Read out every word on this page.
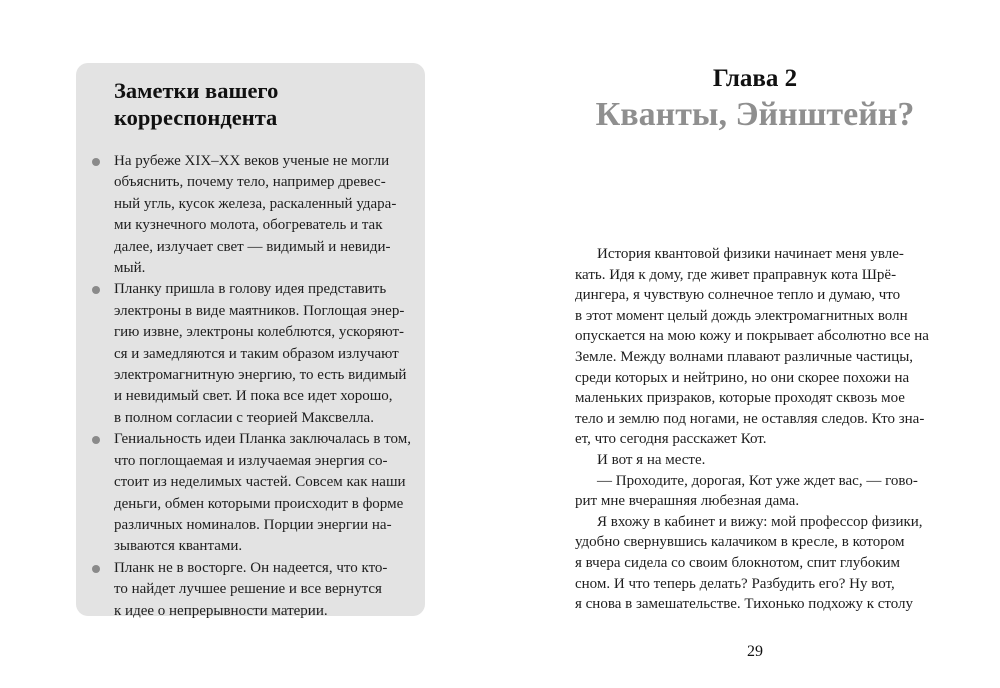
Заметки вашего
корреспондента
На рубеже XIX–XX веков ученые не могли
объяснить, почему тело, например древес-
ный угль, кусок железа, раскаленный удара-
ми кузнечного молота, обогреватель и так
далее, излучает свет — видимый и невиди-
мый.
Планку пришла в голову идея представить
электроны в виде маятников. Поглощая энер-
гию извне, электроны колеблются, ускоряют-
ся и замедляются и таким образом излучают
электромагнитную энергию, то есть видимый
и невидимый свет. И пока все идет хорошо,
в полном согласии с теорией Максвелла.
Гениальность идеи Планка заключалась в том,
что поглощаемая и излучаемая энергия со-
стоит из неделимых частей. Совсем как наши
деньги, обмен которыми происходит в форме
различных номиналов. Порции энергии на-
зываются квантами.
Планк не в восторге. Он надеется, что кто-
то найдет лучшее решение и все вернутся
к идее о непрерывности материи.
Глава 2
Кванты, Эйнштейн?
История квантовой физики начинает меня увле-
кать. Идя к дому, где живет праправнук кота Шрё-
дингера, я чувствую солнечное тепло и думаю, что
в этот момент целый дождь электромагнитных волн
опускается на мою кожу и покрывает абсолютно все на
Земле. Между волнами плавают различные частицы,
среди которых и нейтрино, но они скорее похожи на
маленьких призраков, которые проходят сквозь мое
тело и землю под ногами, не оставляя следов. Кто зна-
ет, что сегодня расскажет Кот.
И вот я на месте.
— Проходите, дорогая, Кот уже ждет вас, — гово-
рит мне вчерашняя любезная дама.
Я вхожу в кабинет и вижу: мой профессор физики,
удобно свернувшись калачиком в кресле, в котором
я вчера сидела со своим блокнотом, спит глубоким
сном. И что теперь делать? Разбудить его? Ну вот,
я снова в замешательстве. Тихонько подхожу к столу
29
